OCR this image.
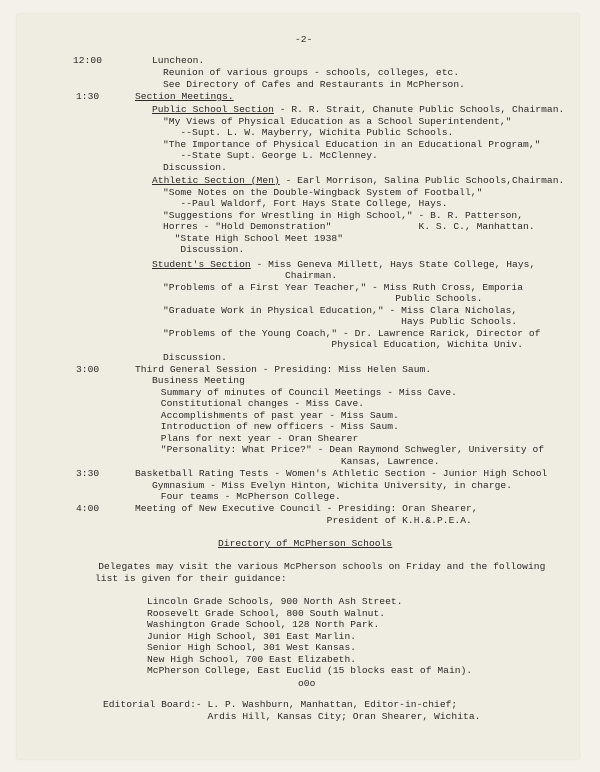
-2-
12:00	Luncheon.
Reunion of various groups - schools, colleges, etc.
See Directory of Cafes and Restaurants in McPherson.
1:30	Section Meetings.
Public School Section - R. R. Strait, Chanute Public Schools, Chairman.
"My Views of Physical Education as a School Superintendent,"
--Supt. L. W. Mayberry, Wichita Public Schools.
"The Importance of Physical Education in an Educational Program,"
--State Supt. George L. McClenney.
Discussion.
Athletic Section (Men) - Earl Morrison, Salina Public Schools,Chairman.
"Some Notes on the Double-Wingback System of Football,"
--Paul Waldorf, Fort Hays State College, Hays.
"Suggestions for Wrestling in High School," - B. R. Patterson,
Horres - "Hold Demonstration"               K. S. C., Manhattan.
"State High School Meet 1938"
Discussion.
Student's Section - Miss Geneva Millett, Hays State College, Hays,
Chairman.
"Problems of a First Year Teacher," - Miss Ruth Cross, Emporia
Public Schools.
"Graduate Work in Physical Education," - Miss Clara Nicholas,
Hays Public Schools.
"Problems of the Young Coach," - Dr. Lawrence Rarick, Director of
Physical Education, Wichita Univ.
Discussion.
3:00	Third General Session - Presiding: Miss Helen Saum.
Business Meeting
Summary of minutes of Council Meetings - Miss Cave.
Constitutional changes - Miss Cave.
Accomplishments of past year - Miss Saum.
Introduction of new officers - Miss Saum.
Plans for next year - Oran Shearer
"Personality: What Price?" - Dean Raymond Schwegler, University of
Kansas, Lawrence.
3:30	Basketball Rating Tests - Women's Athletic Section - Junior High School
Gymnasium - Miss Evelyn Hinton, Wichita University, in charge.
Four teams - McPherson College.
4:00	Meeting of New Executive Council - Presiding: Oran Shearer,
President of K.H.&.P.E.A.
Directory of McPherson Schools
Delegates may visit the various McPherson schools on Friday and the following
list is given for their guidance:
Lincoln Grade Schools, 900 North Ash Street.
Roosevelt Grade School, 800 South Walnut.
Washington Grade School, 128 North Park.
Junior High School, 301 East Marlin.
Senior High School, 301 West Kansas.
New High School, 700 East Elizabeth.
McPherson College, East Euclid (15 blocks east of Main).
o0o
Editorial Board:- L. P. Washburn, Manhattan, Editor-in-chief;
Ardis Hill, Kansas City; Oran Shearer, Wichita.
